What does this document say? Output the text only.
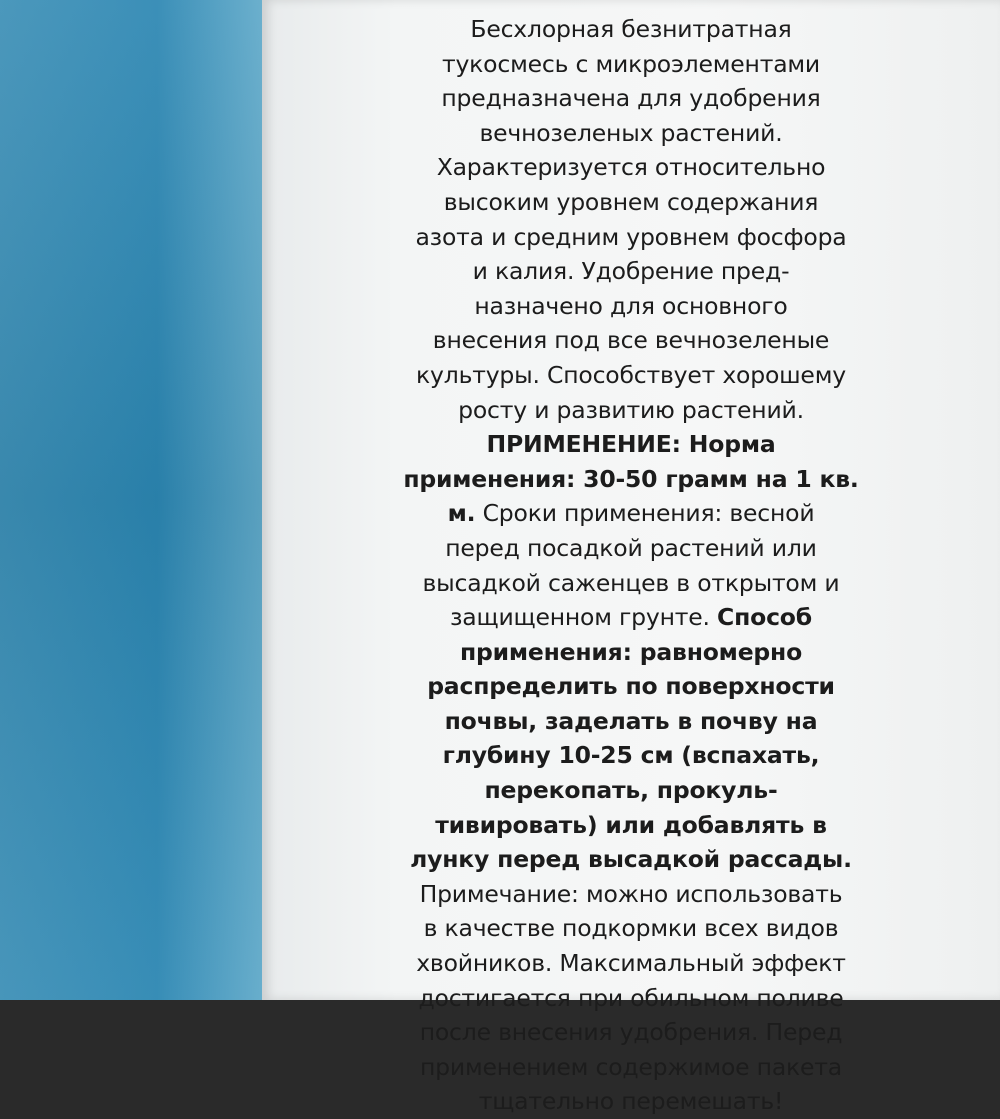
Бесхлорная безнитратная
тукосмесь с микроэлементами
предназначена для удобрения
вечнозеленых растений.
Характеризуется относительно
высоким уровнем содержания
азота и средним уровнем фосфора
и калия. Удобрение пред-
назначено для основного
внесения под все вечнозеленые
культуры. Способствует хорошему
росту и развитию растений.
ПРИМЕНЕНИЕ: Норма
применения: 30-50 грамм на 1 кв.
м. Сроки применения: весной
перед посадкой растений или
высадкой саженцев в открытом и
защищенном грунте. Способ
применения: равномерно
распределить по поверхности
почвы, заделать в почву на
глубину 10-25 см (вспахать,
перекопать, прокуль-
тивировать) или добавлять в
лунку перед высадкой рассады.
Примечание: можно использовать
в качестве подкормки всех видов
хвойников. Максимальный эффект
достигается при обильном поливе
после внесения удобрения. Перед
применением содержимое пакета
тщательно перемешать!
